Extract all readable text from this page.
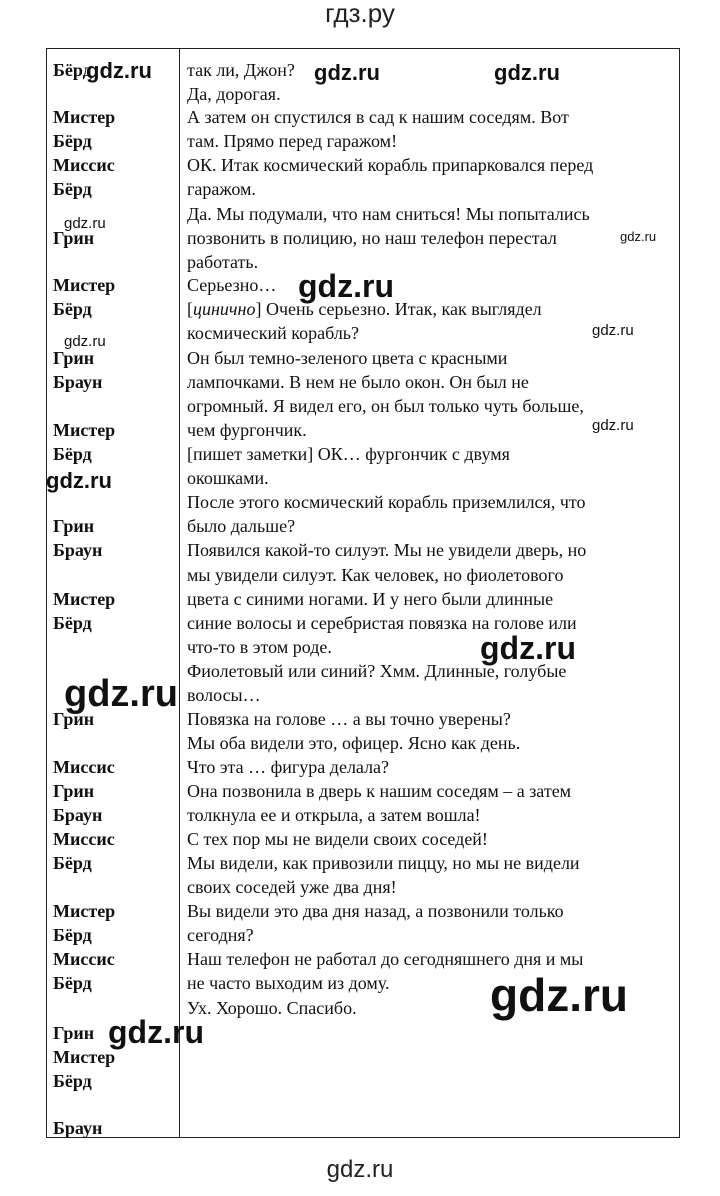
гдз.ру
Бёрд
Мистер
Бёрд
Миссис
Бёрд
Грин
Мистер
Бёрд
Грин
Браун
Мистер
Бёрд
Грин
Браун
Мистер
Бёрд
Грин
Миссис
Грин
Браун
Миссис
Бёрд
Мистер
Бёрд
Миссис
Бёрд
Грин
Мистер
Бёрд
Браун
так ли, Джон?
Да, дорогая.
А затем он спустился в сад к нашим соседям. Вот
там. Прямо перед гаражом!
ОК. Итак космический корабль припарковался перед
гаражом.
Да. Мы подумали, что нам сниться! Мы попытались
позвонить в полицию, но наш телефон перестал
работать.
Серьезно…
[цинично] Очень серьезно. Итак, как выглядел
космический корабль?
Он был темно-зеленого цвета с красными
лампочками. В нем не было окон. Он был не
огромный. Я видел его, он был только чуть больше,
чем фургончик.
[пишет заметки] ОК… фургончик с двумя
окошками.
После этого космический корабль приземлился, что
было дальше?
Появился какой-то силуэт. Мы не увидели дверь, но
мы увидели силуэт. Как человек, но фиолетового
цвета с синими ногами. И у него были длинные
синие волосы и серебристая повязка на голове или
что-то в этом роде.
Фиолетовый или синий? Хмм. Длинные, голубые
волосы…
Повязка на голове … а вы точно уверены?
Мы оба видели это, офицер. Ясно как день.
Что эта … фигура делала?
Она позвонила в дверь к нашим соседям – а затем
толкнула ее и открыла, а затем вошла!
С тех пор мы не видели своих соседей!
Мы видели, как привозили пиццу, но мы не видели
своих соседей уже два дня!
Вы видели это два дня назад, а позвонили только
сегодня?
Наш телефон не работал до сегодняшнего дня и мы
не часто выходим из дому.
Ух. Хорошо. Спасибо.
gdz.ru	gdz.ru	gdz.ru
gdz.ru
gdz.ru
gdz.ru
gdz.ru
gdz.ru
gdz.ru
gdz.ru
gdz.ru
gdz.ru
gdz.ru
gdz.ru
gdz.ru
